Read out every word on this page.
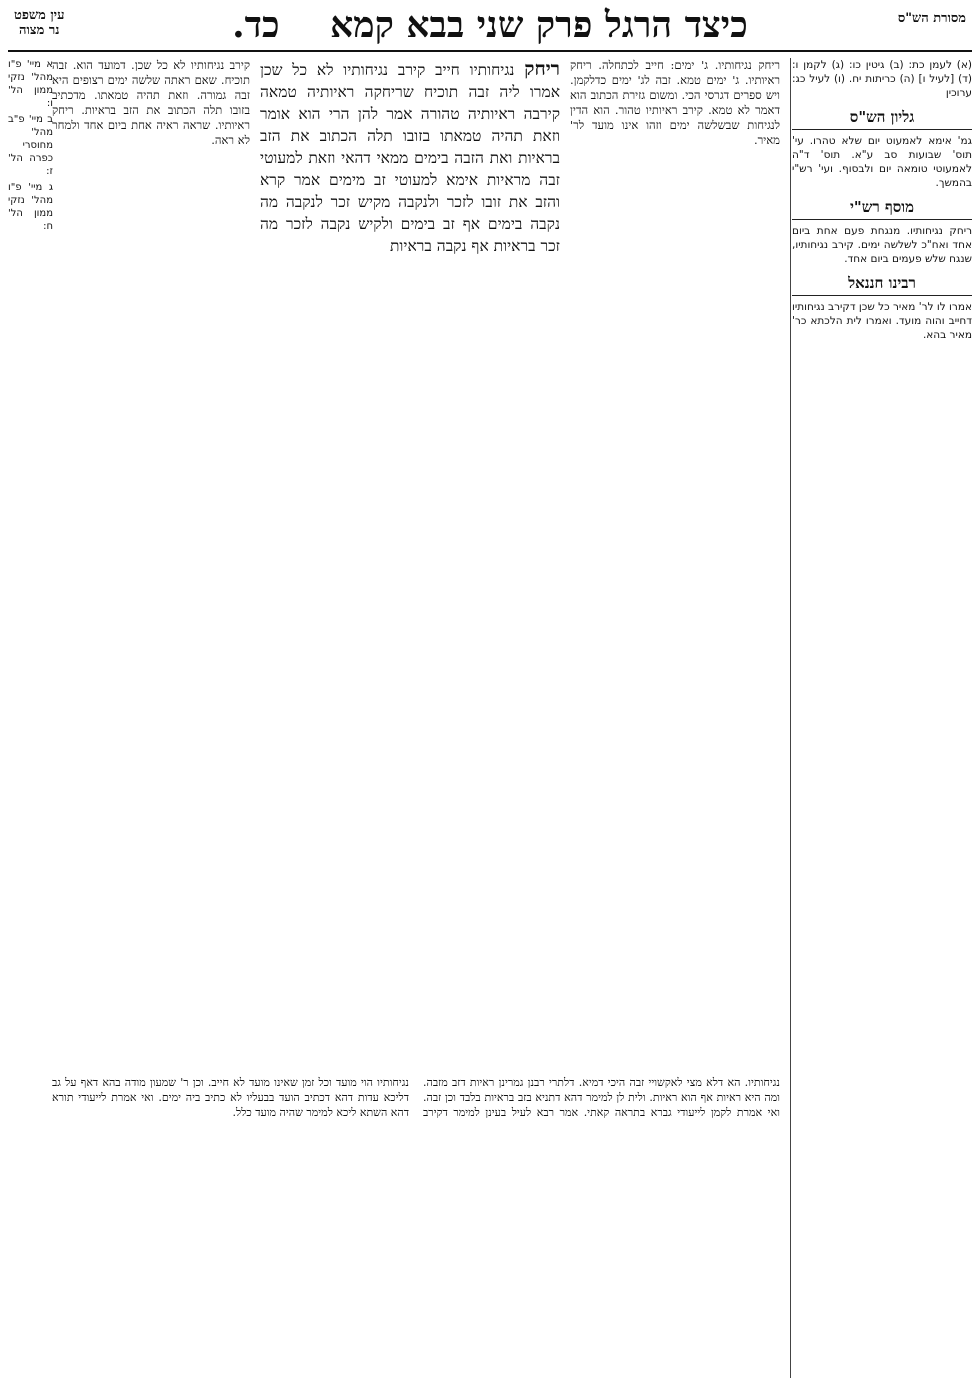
מסורת הש"ס
כיצד הרגל פרק שני בבא קמא כד.
עין משפט
נר מצוה
(א) לעמן כת: (ב) גיטין כו: (ג) לקמן ו: (ד) [לעיל ו] (ה) כריתות יח. (ו) לעיל כג: ערוכין
גליון הש"ס
גמ' אימא לאמעוט יום שלא טהרו. עי' תוס' שבועות סב ע"א. תוס' ד"ה לאמעוטי טומאה יום ולבסוף. ועי' רש"י בהמשך.
מוסף רש"י
ריחק נגיחותיו. מנגחת פעם אחת ביום אחד ואח"כ לשלשה ימים. קירב נגיחותיו, שנגח שלש פעמים ביום אחד.
רבינו חננאל
אמרו לו לר' מאיר כל שכן דקירב נגיחותיו דחייב והוה מועד. ואמרו לית הלכתא כר' מאיר בהא.
ריחק נגיחותיו. ג' ימים: חייב לכתחלה. ריחק ראיותיו. ג' ימים טמא. זבה לג' ימים כדלקמן. ויש ספרים דגרסי הכי. ומשום גזירת הכתוב הוא דאמר לא טמא. קירב ראיותיו טהור. הוא הדין לנגיחות שבשלשה ימים וזהו אינו מועד לר' מאיר.
ריחק נגיחותיו חייב קירב נגיחותיו לא כל שכן אמרו ליה זבה תוכיח שריחקה ראיותיה טמאה קירבה ראיותיה טהורה אמר להן הרי הוא אומר וזאת תהיה טמאתו בזובו תלה הכתוב את הזב בראיות ואת הזבה בימים ממאי דהאי וזאת למעוטי זבה מראיות אימא למעוטי זב מימים אמר קרא והזב את זובו לזכר ולנקבה מקיש זכר לנקבה מה נקבה בימים אף זב בימים ולקיש נקבה לזכר מה זכר בראיות אף נקבה בראיות
קירב נגיחותיו לא כל שכן. דמועד הוא. זבה תוכיח. שאם ראתה שלשה ימים רצופים היא זבה גמורה. וזאת תהיה טמאתו. מדכתיב בזובו תלה הכתוב את הזב בראיות. ריחק ראיותיו. שראה ראיה אחת ביום אחד ולמחר לא ראה.
א מיי' פ"ו מהל' נזקי ממון הל' ו:
ב מיי' פ"ב מהל' מחוסרי כפרה הל' ז:
ג מיי' פ"ו מהל' נזקי ממון הל' ח:
נגיחותיו. הא דלא מצי לאקשויי זבה היכי דמיא. דלתרי רבנן גמרינן ראיות דזב מזבה. ומה היא ראיות אף הוא ראיות. ולית לן למימר דהא דתניא בזב בראיות בלבד וכן זבה. ואי אמרת לקמן לייעודי גברא בתראה קאתי. אמר רבא לעיל בעינן למימר דקירב נגיחותיו הוי מועד וכל זמן שאינו מועד לא חייב. וכן ר' שמעון מודה בהא דאף על גב דליכא עדות דהא דכתיב הועד בבעליו לא כתיב ביה ימים. ואי אמרת לייעודי תורא דהא השתא ליכא למימר שהיה מועד כלל.
